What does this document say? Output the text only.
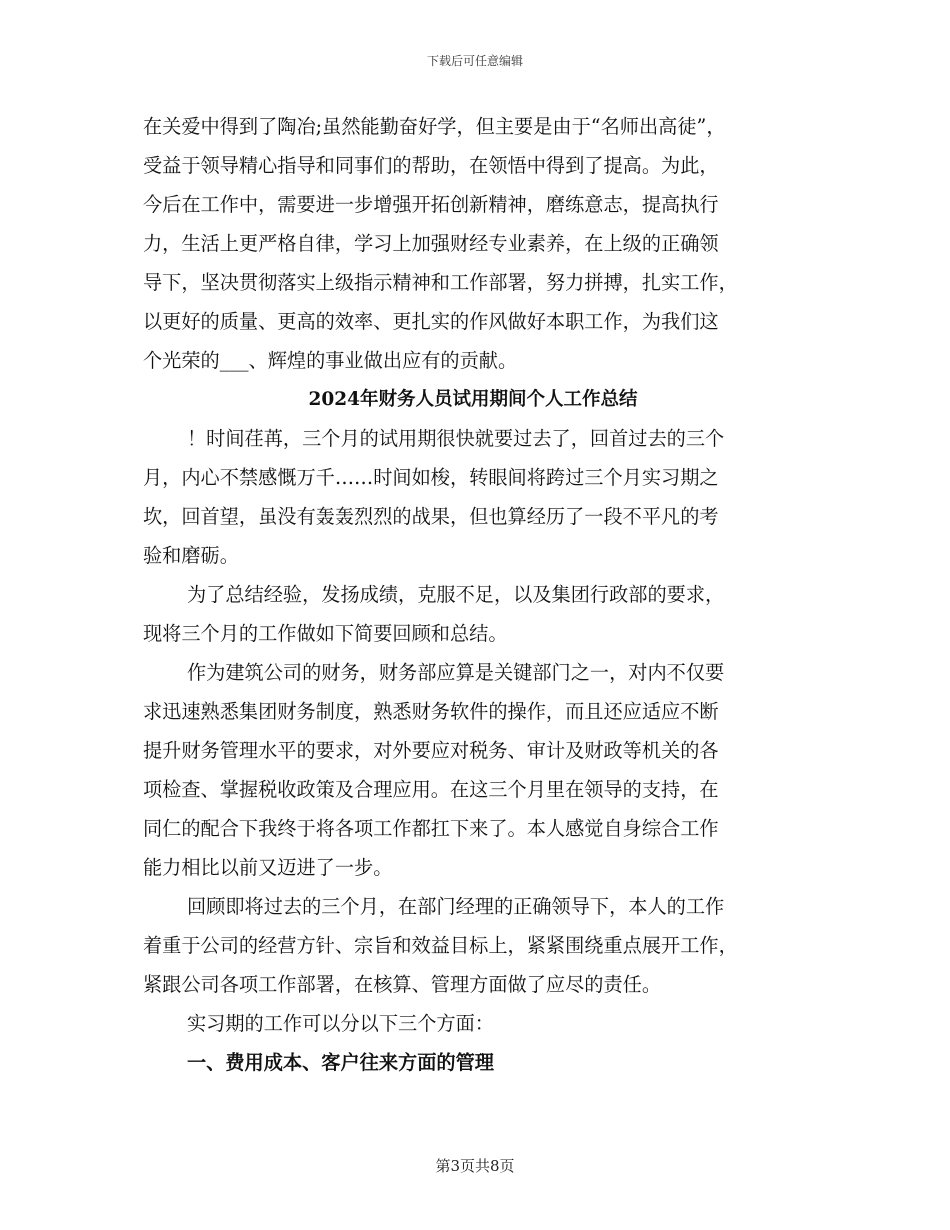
下载后可任意编辑
在关爱中得到了陶冶;虽然能勤奋好学，但主要是由于“名师出高徒”，
受益于领导精心指导和同事们的帮助，在领悟中得到了提高。为此，
今后在工作中，需要进一步增强开拓创新精神，磨练意志，提高执行
力，生活上更严格自律，学习上加强财经专业素养，在上级的正确领
导下，坚决贯彻落实上级指示精神和工作部署，努力拼搏，扎实工作，
以更好的质量、更高的效率、更扎实的作风做好本职工作，为我们这
个光荣的___、辉煌的事业做出应有的贡献。
2024年财务人员试用期间个人工作总结
！时间荏苒，三个月的试用期很快就要过去了，回首过去的三个
月，内心不禁感慨万千……时间如梭，转眼间将跨过三个月实习期之
坎，回首望，虽没有轰轰烈烈的战果，但也算经历了一段不平凡的考
验和磨砺。
为了总结经验，发扬成绩，克服不足，以及集团行政部的要求，
现将三个月的工作做如下简要回顾和总结。
作为建筑公司的财务，财务部应算是关键部门之一，对内不仅要
求迅速熟悉集团财务制度，熟悉财务软件的操作，而且还应适应不断
提升财务管理水平的要求，对外要应对税务、审计及财政等机关的各
项检查、掌握税收政策及合理应用。在这三个月里在领导的支持，在
同仁的配合下我终于将各项工作都扛下来了。本人感觉自身综合工作
能力相比以前又迈进了一步。
回顾即将过去的三个月，在部门经理的正确领导下，本人的工作
着重于公司的经营方针、宗旨和效益目标上，紧紧围绕重点展开工作，
紧跟公司各项工作部署，在核算、管理方面做了应尽的责任。
实习期的工作可以分以下三个方面：
一、费用成本、客户往来方面的管理
第3页共8页
